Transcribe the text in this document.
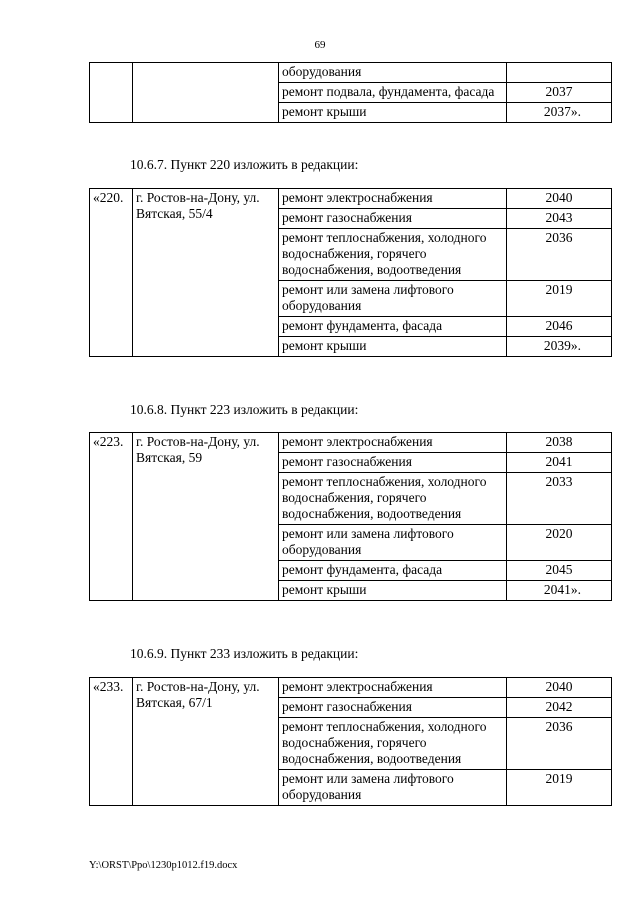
69
		оборудования	
		ремонт подвала, фундамента, фасада	2037
		ремонт крыши	2037».
10.6.7. Пункт 220 изложить в редакции:
«220.	г. Ростов-на-Дону, ул. Вятская, 55/4	ремонт электроснабжения	2040
		ремонт газоснабжения	2043
		ремонт теплоснабжения, холодного водоснабжения, горячего водоснабжения, водоотведения	2036
		ремонт или замена лифтового оборудования	2019
		ремонт фундамента, фасада	2046
		ремонт крыши	2039».
10.6.8. Пункт 223 изложить в редакции:
«223.	г. Ростов-на-Дону, ул. Вятская, 59	ремонт электроснабжения	2038
		ремонт газоснабжения	2041
		ремонт теплоснабжения, холодного водоснабжения, горячего водоснабжения, водоотведения	2033
		ремонт или замена лифтового оборудования	2020
		ремонт фундамента, фасада	2045
		ремонт крыши	2041».
10.6.9. Пункт 233 изложить в редакции:
«233.	г. Ростов-на-Дону, ул. Вятская, 67/1	ремонт электроснабжения	2040
		ремонт газоснабжения	2042
		ремонт теплоснабжения, холодного водоснабжения, горячего водоснабжения, водоотведения	2036
		ремонт или замена лифтового оборудования	2019
Y:\ORST\Ppo\1230p1012.f19.docx
